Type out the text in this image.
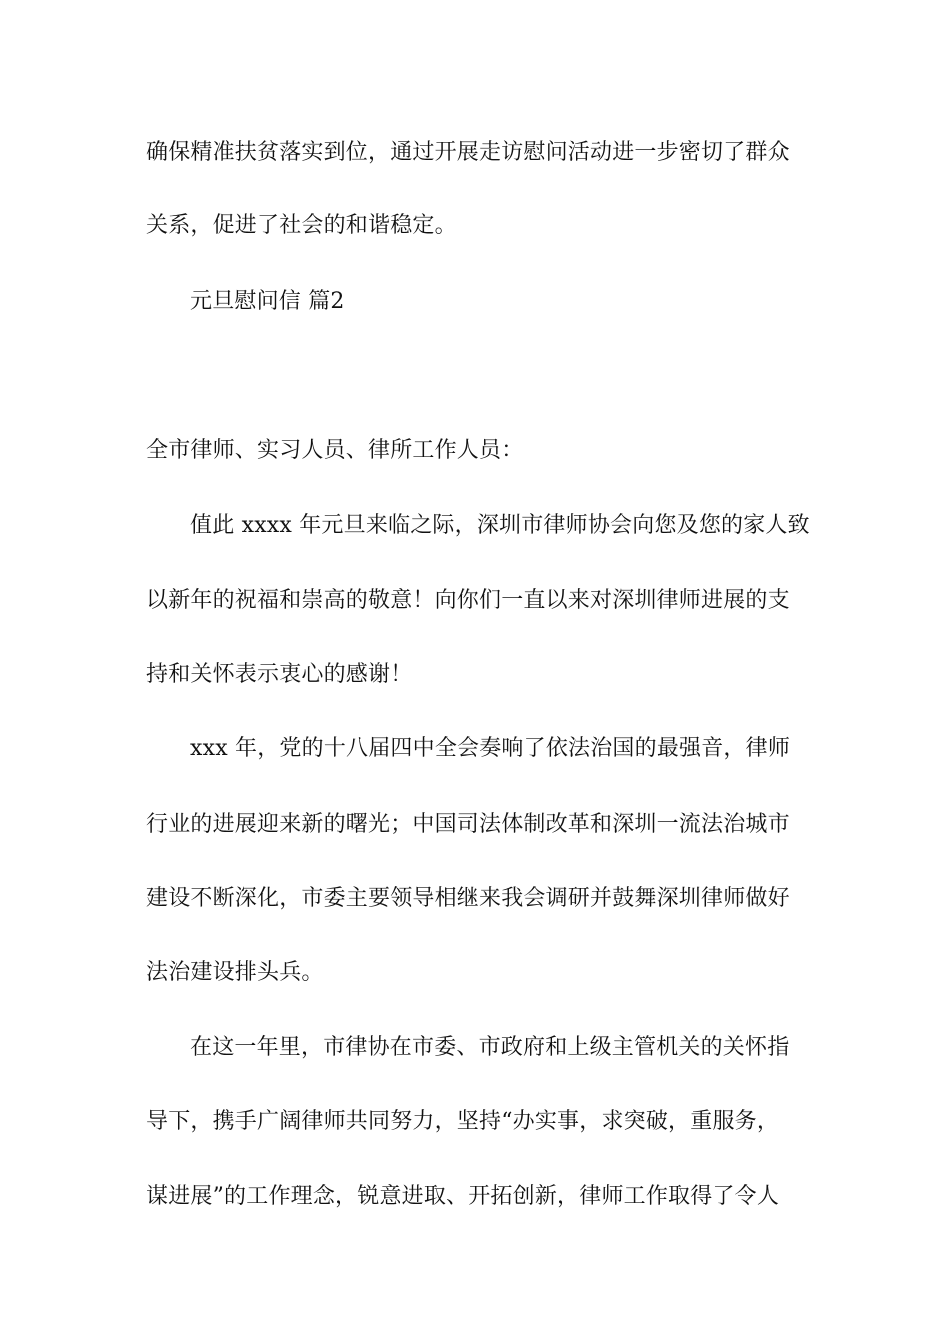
确保精准扶贫落实到位，通过开展走访慰问活动进一步密切了群众

关系，促进了社会的和谐稳定。

元旦慰问信 篇2

全市律师、实习人员、律所工作人员：

值此 xxxx 年元旦来临之际，深圳市律师协会向您及您的家人致

以新年的祝福和崇高的敬意！向你们一直以来对深圳律师进展的支

持和关怀表示衷心的感谢！

xxx 年，党的十八届四中全会奏响了依法治国的最强音，律师

行业的进展迎来新的曙光；中国司法体制改革和深圳一流法治城市

建设不断深化，市委主要领导相继来我会调研并鼓舞深圳律师做好

法治建设排头兵。

在这一年里，市律协在市委、市政府和上级主管机关的关怀指

导下，携手广阔律师共同努力，坚持“办实事，求突破，重服务，

谋进展”的工作理念，锐意进取、开拓创新，律师工作取得了令人
